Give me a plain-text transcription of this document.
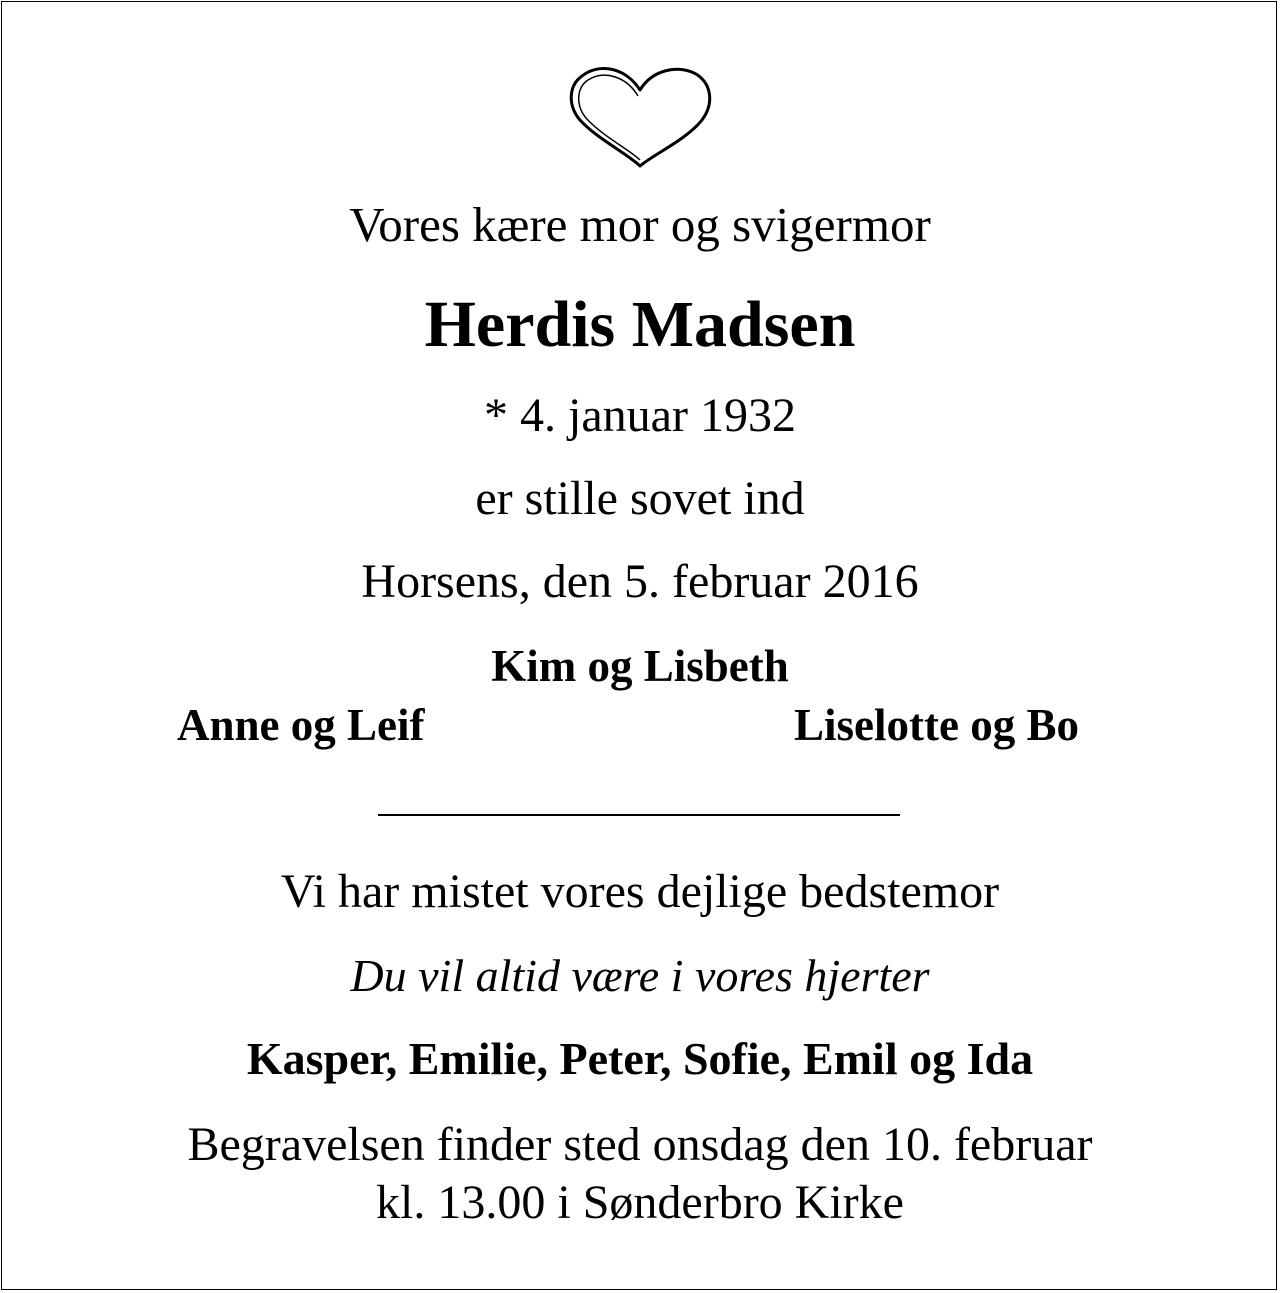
Vores kære mor og svigermor
Herdis Madsen
* 4. januar 1932
er stille sovet ind
Horsens, den 5. februar 2016
Kim og Lisbeth
Anne og Leif	Liselotte og Bo
Vi har mistet vores dejlige bedstemor
Du vil altid være i vores hjerter
Kasper, Emilie, Peter, Sofie, Emil og Ida
Begravelsen finder sted onsdag den 10. februar
kl. 13.00 i Sønderbro Kirke
